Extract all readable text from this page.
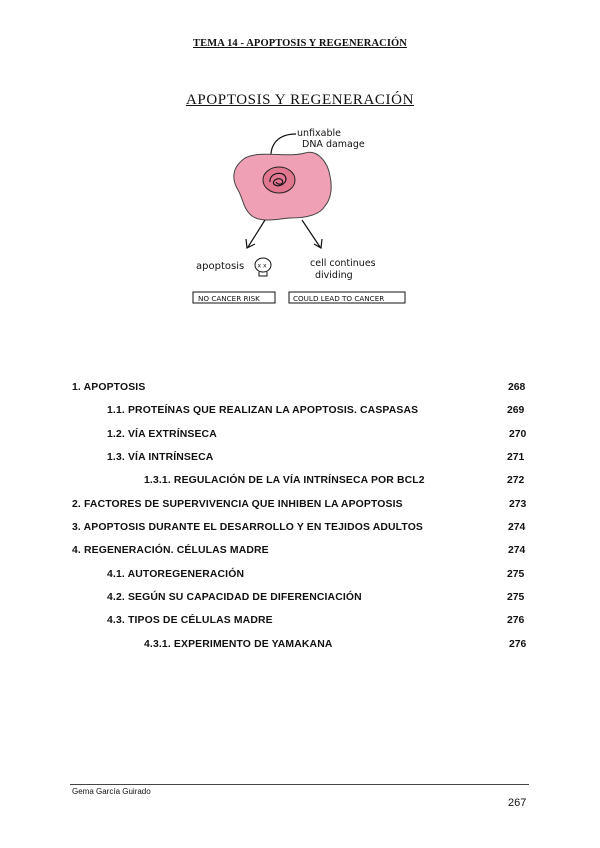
TEMA 14 - APOPTOSIS Y REGENERACIÓN
APOPTOSIS Y REGENERACIÓN
unfixable
DNA damage
apoptosis x x	cell continues
dividing
NO CANCER RISK	COULD LEAD TO CANCER
1. APOPTOSIS	268
1.1. PROTEÍNAS QUE REALIZAN LA APOPTOSIS. CASPASAS	269
1.2. VÍA EXTRÍNSECA	270
1.3. VÍA INTRÍNSECA	271
1.3.1. REGULACIÓN DE LA VÍA INTRÍNSECA POR BCL2	272
2. FACTORES DE SUPERVIVENCIA QUE INHIBEN LA APOPTOSIS	273
3. APOPTOSIS DURANTE EL DESARROLLO Y EN TEJIDOS ADULTOS	274
4. REGENERACIÓN. CÉLULAS MADRE	274
4.1. AUTOREGENERACIÓN	275
4.2. SEGÚN SU CAPACIDAD DE DIFERENCIACIÓN	275
4.3. TIPOS DE CÉLULAS MADRE	276
4.3.1. EXPERIMENTO DE YAMAKANA	276
Gema García Guirado
267
